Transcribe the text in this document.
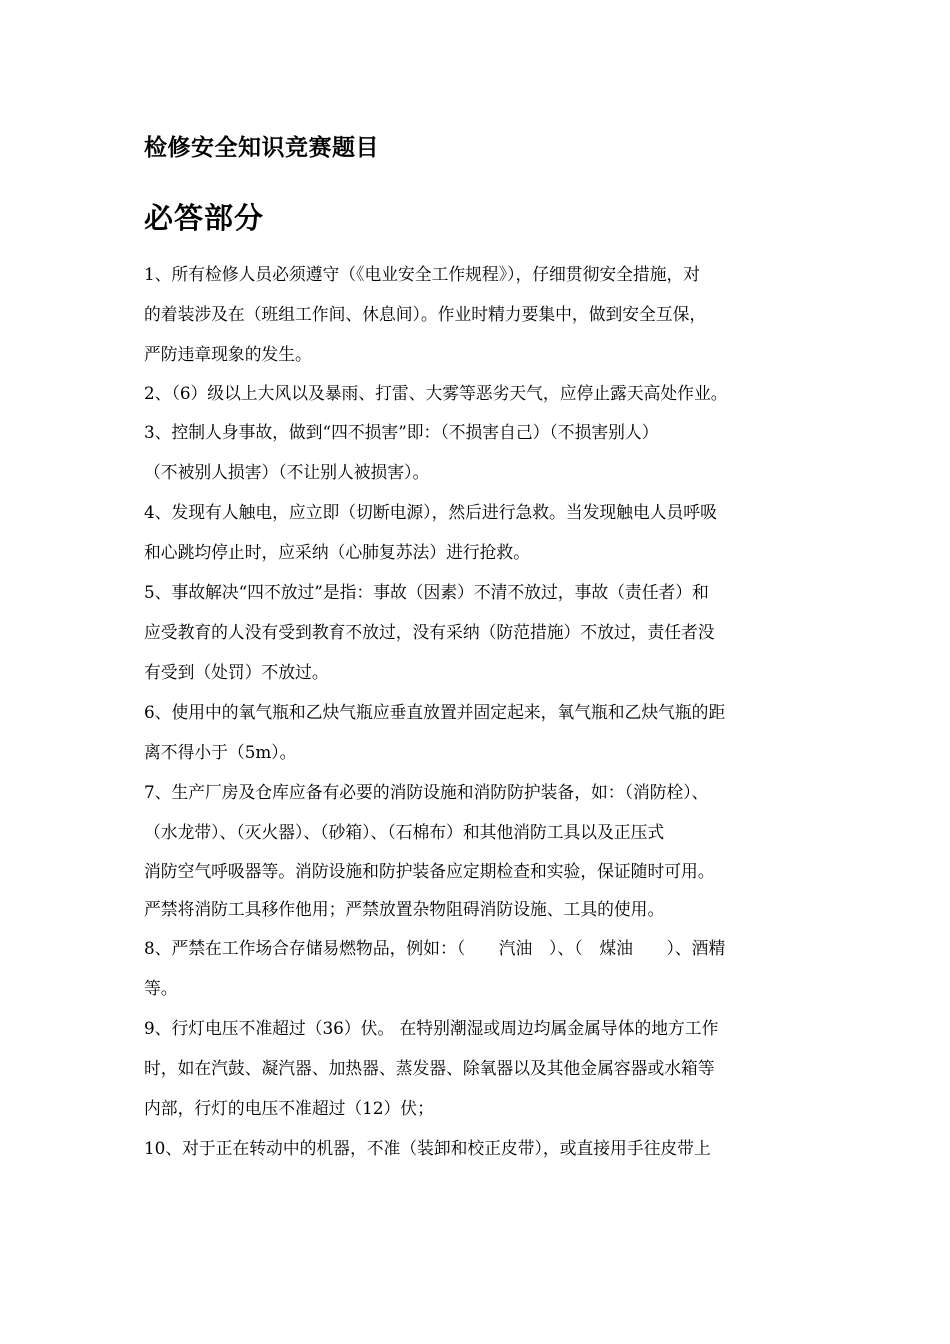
检修安全知识竞赛题目
必答部分
1、所有检修人员必须遵守（《电业安全工作规程》），仔细贯彻安全措施，对
的着装涉及在（班组工作间、休息间）。作业时精力要集中，做到安全互保，
严防违章现象的发生。
2、（6）级以上大风以及暴雨、打雷、大雾等恶劣天气，应停止露天高处作业。
3、控制人身事故，做到“四不损害”即：（不损害自己）（不损害别人）
（不被别人损害）（不让别人被损害）。
4、发现有人触电，应立即（切断电源），然后进行急救。当发现触电人员呼吸
和心跳均停止时，应采纳（心肺复苏法）进行抢救。
5、事故解决“四不放过”是指：事故（因素）不清不放过，事故（责任者）和
应受教育的人没有受到教育不放过，没有采纳（防范措施）不放过，责任者没
有受到（处罚）不放过。
6、使用中的氧气瓶和乙炔气瓶应垂直放置并固定起来，氧气瓶和乙炔气瓶的距
离不得小于（5m）。
7、生产厂房及仓库应备有必要的消防设施和消防防护装备，如：（消防栓）、
（水龙带）、（灭火器）、（砂箱）、（石棉布）和其他消防工具以及正压式
消防空气呼吸器等。消防设施和防护装备应定期检查和实验，保证随时可用。
严禁将消防工具移作他用；严禁放置杂物阻碍消防设施、工具的使用。
8、严禁在工作场合存储易燃物品，例如：（　　汽油　）、（　煤油　　）、酒精
等。
9、行灯电压不准超过（36）伏。 在特别潮湿或周边均属金属导体的地方工作
时，如在汽鼓、凝汽器、加热器、蒸发器、除氧器以及其他金属容器或水箱等
内部，行灯的电压不准超过（12）伏；
10、对于正在转动中的机器，不准（装卸和校正皮带），或直接用手往皮带上
